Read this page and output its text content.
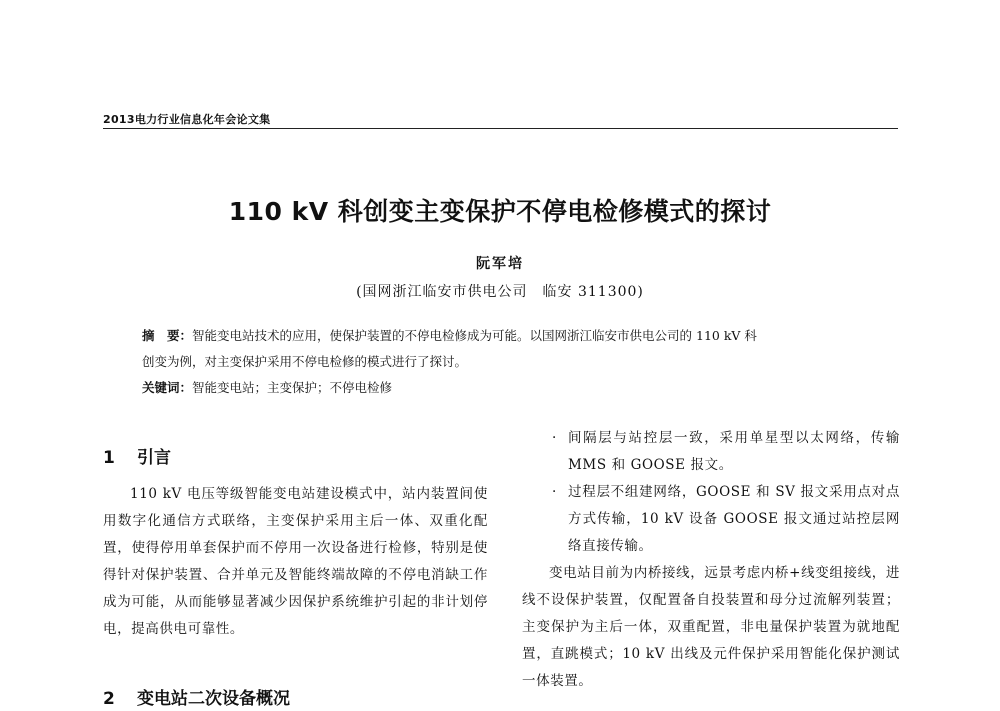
2013电力行业信息化年会论文集
110 kV 科创变主变保护不停电检修模式的探讨
阮军培
(国网浙江临安市供电公司　临安 311300)

摘　要：智能变电站技术的应用，使保护装置的不停电检修成为可能。以国网浙江临安市供电公司的 110 kV 科

创变为例，对主变保护采用不停电检修的模式进行了探讨。

关键词：智能变电站；主变保护；不停电检修

1 引言

110 kV 电压等级智能变电站建设模式中，站内装置间使用数字化通信方式联络，主变保护采用主后一体、双重化配置，使得停用单套保护而不停用一次设备进行检修，特别是使得针对保护装置、合并单元及智能终端故障的不停电消缺工作成为可能，从而能够显著减少因保护系统维护引起的非计划停电，提高供电可靠性。

2 变电站二次设备概况
· 间隔层与站控层一致，采用单星型以太网络，传输 MMS 和 GOOSE 报文。
· 过程层不组建网络，GOOSE 和 SV 报文采用点对点方式传输，10 kV 设备 GOOSE 报文通过站控层网络直接传输。

变电站目前为内桥接线，远景考虑内桥+线变组接线，进线不设保护装置，仅配置备自投装置和母分过流解列装置；主变保护为主后一体，双重配置，非电量保护装置为就地配置，直跳模式；10 kV 出线及元件保护采用智能化保护测试一体装置。
